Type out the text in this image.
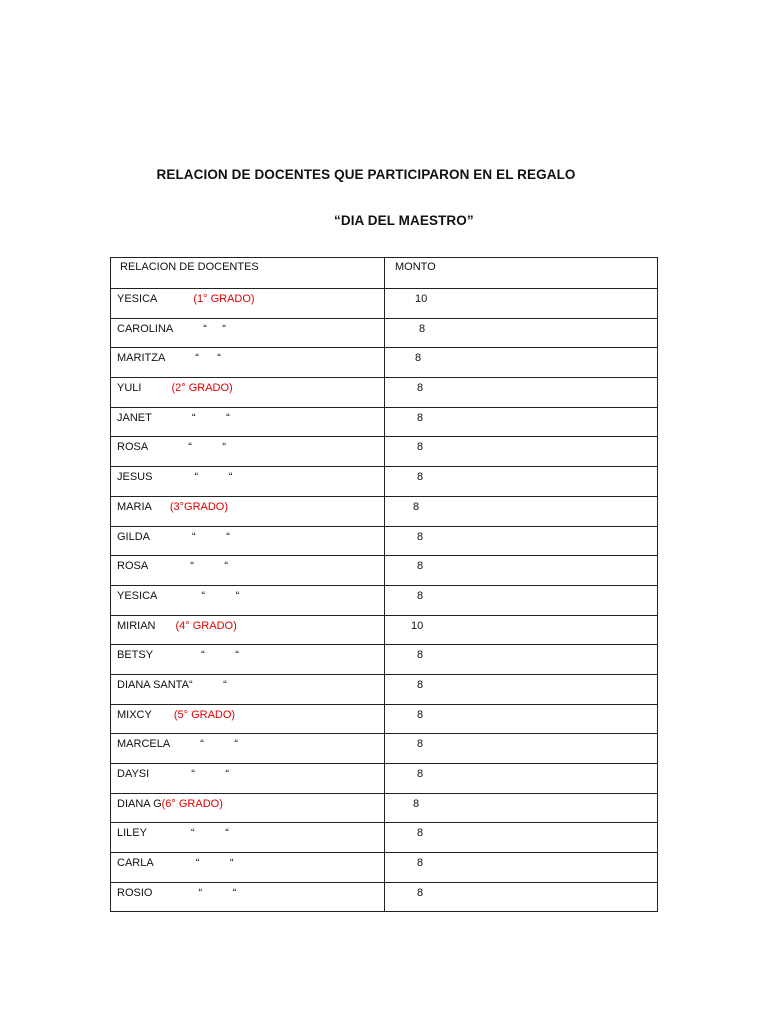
RELACION DE DOCENTES QUE PARTICIPARON EN EL REGALO
“DIA DEL MAESTRO”
RELACION DE DOCENTES	MONTO
YESICA (1° GRADO)	10
CAROLINA “     “	8
MARITZA “      “	8
YULI (2° GRADO)	8
JANET “          “	8
ROSA “          “	8
JESUS “          “	8
MARIA (3°GRADO)	8
GILDA “          “	8
ROSA “          “	8
YESICA “          “	8
MIRIAN (4° GRADO)	10
BETSY “          “	8
DIANA SANTA“          “	8
MIXCY (5° GRADO)	8
MARCELA “          “	8
DAYSI “          “	8
DIANA G(6° GRADO)	8
LILEY “          “	8
CARLA “          “	8
ROSIO “          “	8
